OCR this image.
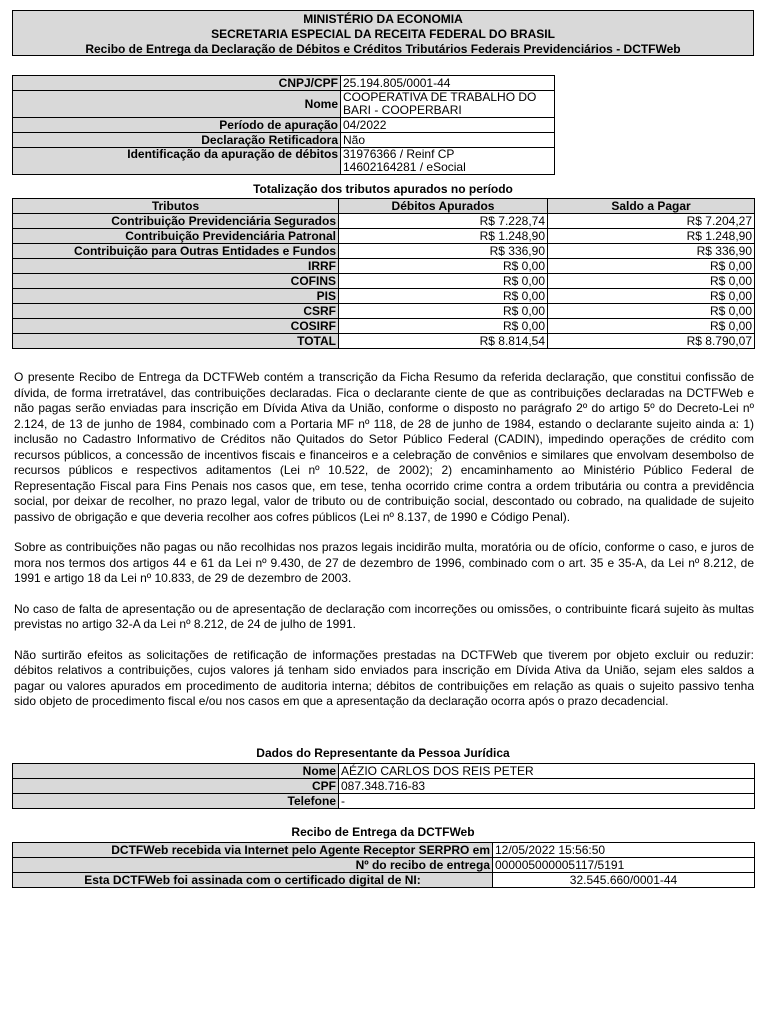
MINISTÉRIO DA ECONOMIA
SECRETARIA ESPECIAL DA RECEITA FEDERAL DO BRASIL
Recibo de Entrega da Declaração de Débitos e Créditos Tributários Federais Previdenciários - DCTFWeb
CNPJ/CPF	25.194.805/0001-44
Nome	COOPERATIVA DE TRABALHO DO BARI - COOPERBARI
Período de apuração	04/2022
Declaração Retificadora	Não
Identificação da apuração de débitos	31976366 / Reinf CP
14602164281 / eSocial
Totalização dos tributos apurados no período
Tributos	Débitos Apurados	Saldo a Pagar
Contribuição Previdenciária Segurados	R$ 7.228,74	R$ 7.204,27
Contribuição Previdenciária Patronal	R$ 1.248,90	R$ 1.248,90
Contribuição para Outras Entidades e Fundos	R$ 336,90	R$ 336,90
IRRF	R$ 0,00	R$ 0,00
COFINS	R$ 0,00	R$ 0,00
PIS	R$ 0,00	R$ 0,00
CSRF	R$ 0,00	R$ 0,00
COSIRF	R$ 0,00	R$ 0,00
TOTAL	R$ 8.814,54	R$ 8.790,07

O presente Recibo de Entrega da DCTFWeb contém a transcrição da Ficha Resumo da referida declaração, que constitui confissão de dívida, de forma irretratável, das contribuições declaradas. Fica o declarante ciente de que as contribuições declaradas na DCTFWeb e não pagas serão enviadas para inscrição em Dívida Ativa da União, conforme o disposto no parágrafo 2º do artigo 5º do Decreto-Lei nº 2.124, de 13 de junho de 1984, combinado com a Portaria MF nº 118, de 28 de junho de 1984, estando o declarante sujeito ainda a: 1) inclusão no Cadastro Informativo de Créditos não Quitados do Setor Público Federal (CADIN), impedindo operações de crédito com recursos públicos, a concessão de incentivos fiscais e financeiros e a celebração de convênios e similares que envolvam desembolso de recursos públicos e respectivos aditamentos (Lei nº 10.522, de 2002); 2) encaminhamento ao Ministério Público Federal de Representação Fiscal para Fins Penais nos casos que, em tese, tenha ocorrido crime contra a ordem tributária ou contra a previdência social, por deixar de recolher, no prazo legal, valor de tributo ou de contribuição social, descontado ou cobrado, na qualidade de sujeito passivo de obrigação e que deveria recolher aos cofres públicos (Lei nº 8.137, de 1990 e Código Penal).

Sobre as contribuições não pagas ou não recolhidas nos prazos legais incidirão multa, moratória ou de ofício, conforme o caso, e juros de mora nos termos dos artigos 44 e 61 da Lei nº 9.430, de 27 de dezembro de 1996, combinado com o art. 35 e 35-A, da Lei nº 8.212, de 1991 e artigo 18 da Lei nº 10.833, de 29 de dezembro de 2003.

No caso de falta de apresentação ou de apresentação de declaração com incorreções ou omissões, o contribuinte ficará sujeito às multas previstas no artigo 32-A da Lei nº 8.212, de 24 de julho de 1991.

Não surtirão efeitos as solicitações de retificação de informações prestadas na DCTFWeb que tiverem por objeto excluir ou reduzir: débitos relativos a contribuições, cujos valores já tenham sido enviados para inscrição em Dívida Ativa da União, sejam eles saldos a pagar ou valores apurados em procedimento de auditoria interna; débitos de contribuições em relação as quais o sujeito passivo tenha sido objeto de procedimento fiscal e/ou nos casos em que a apresentação da declaração ocorra após o prazo decadencial.

Dados do Representante da Pessoa Jurídica
Nome	AÉZIO CARLOS DOS REIS PETER
CPF	087.348.716-83
Telefone	-
Recibo de Entrega da DCTFWeb
DCTFWeb recebida via Internet pelo Agente Receptor SERPRO em	12/05/2022 15:56:50
Nº do recibo de entrega	000005000005117/5191
Esta DCTFWeb foi assinada com o certificado digital de NI:	32.545.660/0001-44
